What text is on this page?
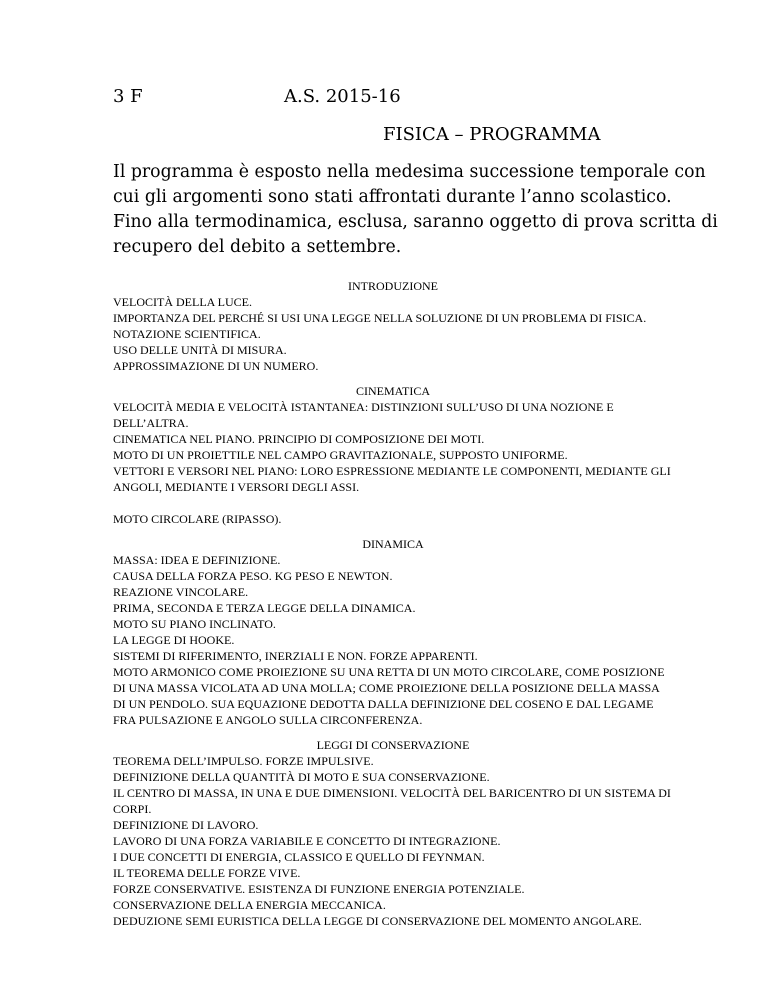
3 F	A.S. 2015-16
FISICA – PROGRAMMA
Il programma è esposto nella medesima successione temporale con
cui gli argomenti sono stati affrontati durante l’anno scolastico.
Fino alla termodinamica, esclusa, saranno oggetto di prova scritta di
recupero del debito a settembre.

INTRODUZIONE

VELOCITÀ DELLA LUCE.

IMPORTANZA DEL PERCHÉ SI USI UNA LEGGE NELLA SOLUZIONE DI UN PROBLEMA DI FISICA.

NOTAZIONE SCIENTIFICA.

USO DELLE UNITÀ DI MISURA.

APPROSSIMAZIONE DI UN NUMERO.

CINEMATICA

VELOCITÀ MEDIA E VELOCITÀ ISTANTANEA: DISTINZIONI SULL’USO DI UNA NOZIONE E DELL’ALTRA.

CINEMATICA NEL PIANO. PRINCIPIO DI COMPOSIZIONE DEI MOTI.

MOTO DI UN PROIETTILE NEL CAMPO GRAVITAZIONALE, SUPPOSTO UNIFORME.

VETTORI E VERSORI NEL PIANO: LORO ESPRESSIONE MEDIANTE LE COMPONENTI, MEDIANTE GLI ANGOLI, MEDIANTE I VERSORI DEGLI ASSI.

MOTO CIRCOLARE (RIPASSO).

DINAMICA

MASSA: IDEA E DEFINIZIONE.

CAUSA DELLA FORZA PESO. KG PESO E NEWTON.

REAZIONE VINCOLARE.

PRIMA, SECONDA E TERZA LEGGE DELLA DINAMICA.

MOTO SU PIANO INCLINATO.

LA LEGGE DI HOOKE.

SISTEMI DI RIFERIMENTO, INERZIALI E NON. FORZE APPARENTI.

MOTO ARMONICO COME PROIEZIONE SU UNA RETTA DI UN MOTO CIRCOLARE, COME POSIZIONE DI UNA MASSA VICOLATA AD UNA MOLLA; COME PROIEZIONE DELLA POSIZIONE DELLA MASSA DI UN PENDOLO. SUA EQUAZIONE DEDOTTA DALLA DEFINIZIONE DEL COSENO E DAL LEGAME FRA PULSAZIONE E ANGOLO SULLA CIRCONFERENZA.

LEGGI DI CONSERVAZIONE

TEOREMA DELL’IMPULSO. FORZE IMPULSIVE.

DEFINIZIONE DELLA QUANTITÀ DI MOTO E SUA CONSERVAZIONE.

IL CENTRO DI MASSA, IN UNA E DUE DIMENSIONI. VELOCITÀ DEL BARICENTRO DI UN SISTEMA DI CORPI.

DEFINIZIONE DI LAVORO.

LAVORO DI UNA FORZA VARIABILE E CONCETTO DI INTEGRAZIONE.

I DUE CONCETTI DI ENERGIA, CLASSICO E QUELLO DI FEYNMAN.

IL TEOREMA DELLE FORZE VIVE.

FORZE CONSERVATIVE. ESISTENZA DI FUNZIONE ENERGIA POTENZIALE.

CONSERVAZIONE DELLA ENERGIA MECCANICA.

DEDUZIONE SEMI EURISTICA DELLA LEGGE DI CONSERVAZIONE DEL MOMENTO ANGOLARE.
